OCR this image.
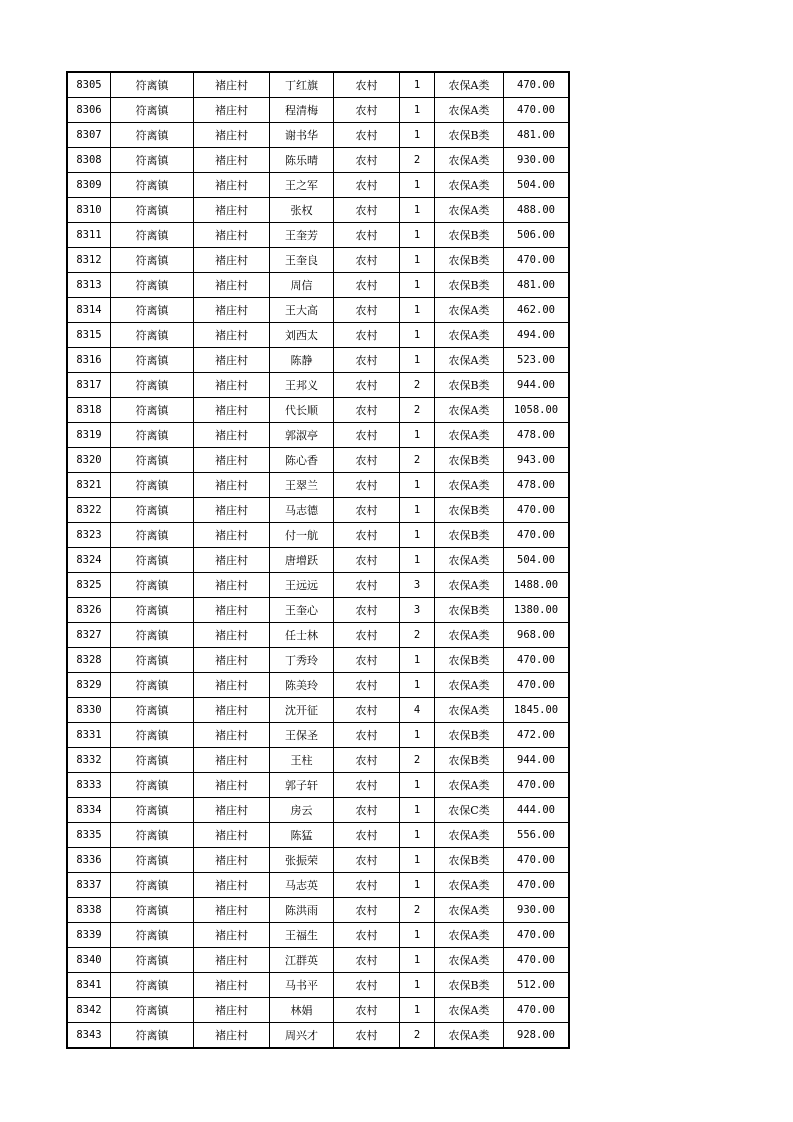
8305	符离镇	褚庄村	丁红旗	农村	1	农保A类	470.00
8306	符离镇	褚庄村	程清梅	农村	1	农保A类	470.00
8307	符离镇	褚庄村	谢书华	农村	1	农保B类	481.00
8308	符离镇	褚庄村	陈乐晴	农村	2	农保A类	930.00
8309	符离镇	褚庄村	王之军	农村	1	农保A类	504.00
8310	符离镇	褚庄村	张权	农村	1	农保A类	488.00
8311	符离镇	褚庄村	王奎芳	农村	1	农保B类	506.00
8312	符离镇	褚庄村	王奎良	农村	1	农保B类	470.00
8313	符离镇	褚庄村	周信	农村	1	农保B类	481.00
8314	符离镇	褚庄村	王大高	农村	1	农保A类	462.00
8315	符离镇	褚庄村	刘西太	农村	1	农保A类	494.00
8316	符离镇	褚庄村	陈静	农村	1	农保A类	523.00
8317	符离镇	褚庄村	王邦义	农村	2	农保B类	944.00
8318	符离镇	褚庄村	代长顺	农村	2	农保A类	1058.00
8319	符离镇	褚庄村	郭淑亭	农村	1	农保A类	478.00
8320	符离镇	褚庄村	陈心香	农村	2	农保B类	943.00
8321	符离镇	褚庄村	王翠兰	农村	1	农保A类	478.00
8322	符离镇	褚庄村	马志德	农村	1	农保B类	470.00
8323	符离镇	褚庄村	付一航	农村	1	农保B类	470.00
8324	符离镇	褚庄村	唐增跃	农村	1	农保A类	504.00
8325	符离镇	褚庄村	王远远	农村	3	农保A类	1488.00
8326	符离镇	褚庄村	王奎心	农村	3	农保B类	1380.00
8327	符离镇	褚庄村	任士林	农村	2	农保A类	968.00
8328	符离镇	褚庄村	丁秀玲	农村	1	农保B类	470.00
8329	符离镇	褚庄村	陈美玲	农村	1	农保A类	470.00
8330	符离镇	褚庄村	沈开征	农村	4	农保A类	1845.00
8331	符离镇	褚庄村	王保圣	农村	1	农保B类	472.00
8332	符离镇	褚庄村	王柱	农村	2	农保B类	944.00
8333	符离镇	褚庄村	郭子轩	农村	1	农保A类	470.00
8334	符离镇	褚庄村	房云	农村	1	农保C类	444.00
8335	符离镇	褚庄村	陈猛	农村	1	农保A类	556.00
8336	符离镇	褚庄村	张振荣	农村	1	农保B类	470.00
8337	符离镇	褚庄村	马志英	农村	1	农保A类	470.00
8338	符离镇	褚庄村	陈洪雨	农村	2	农保A类	930.00
8339	符离镇	褚庄村	王福生	农村	1	农保A类	470.00
8340	符离镇	褚庄村	江群英	农村	1	农保A类	470.00
8341	符离镇	褚庄村	马书平	农村	1	农保B类	512.00
8342	符离镇	褚庄村	林娟	农村	1	农保A类	470.00
8343	符离镇	褚庄村	周兴才	农村	2	农保A类	928.00
